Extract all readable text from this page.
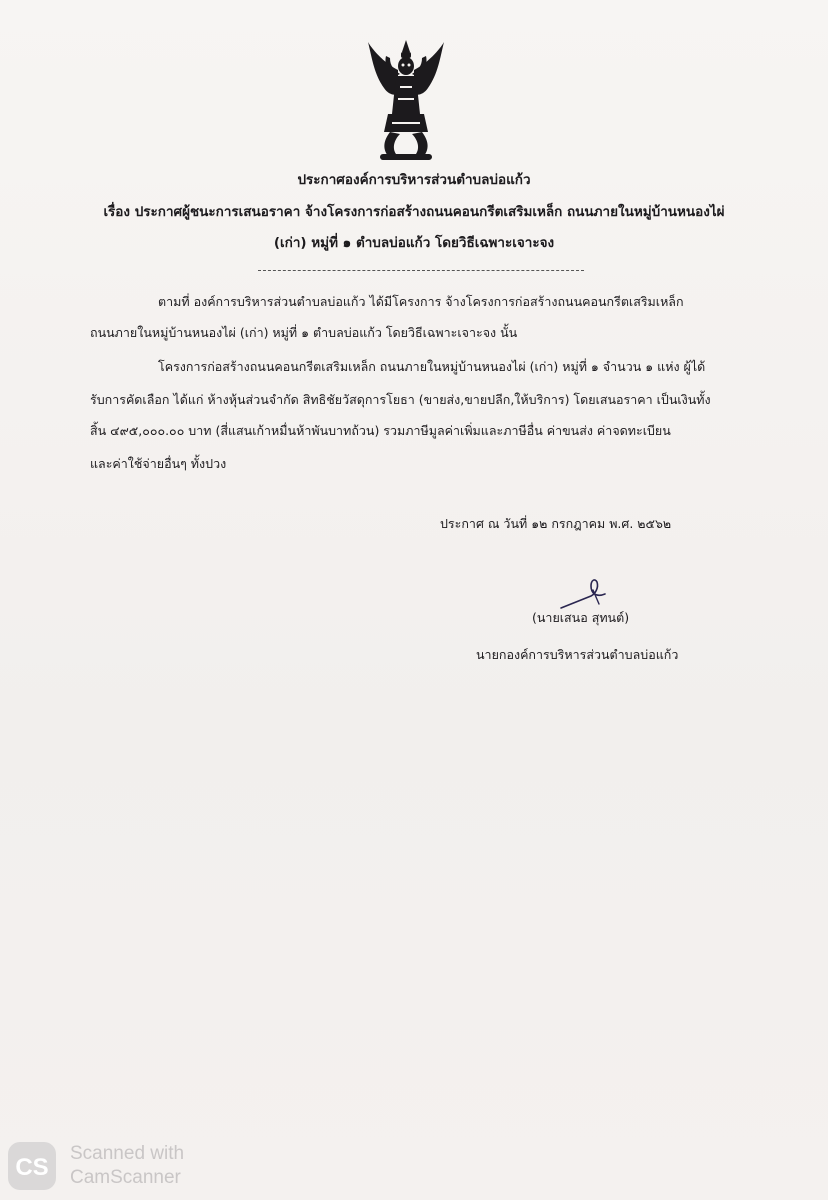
ประกาศองค์การบริหารส่วนตำบลบ่อแก้ว
เรื่อง ประกาศผู้ชนะการเสนอราคา จ้างโครงการก่อสร้างถนนคอนกรีตเสริมเหล็ก ถนนภายในหมู่บ้านหนองไผ่
(เก่า) หมู่ที่ ๑ ตำบลบ่อแก้ว โดยวิธีเฉพาะเจาะจง
ตามที่ องค์การบริหารส่วนตำบลบ่อแก้ว ได้มีโครงการ จ้างโครงการก่อสร้างถนนคอนกรีตเสริมเหล็ก
ถนนภายในหมู่บ้านหนองไผ่ (เก่า) หมู่ที่ ๑ ตำบลบ่อแก้ว โดยวิธีเฉพาะเจาะจง นั้น
โครงการก่อสร้างถนนคอนกรีตเสริมเหล็ก ถนนภายในหมู่บ้านหนองไผ่ (เก่า) หมู่ที่ ๑ จำนวน ๑ แห่ง ผู้ได้
รับการคัดเลือก ได้แก่ ห้างหุ้นส่วนจำกัด สิทธิชัยวัสดุการโยธา (ขายส่ง,ขายปลีก,ให้บริการ) โดยเสนอราคา เป็นเงินทั้ง
สิ้น ๔๙๕,๐๐๐.๐๐ บาท (สี่แสนเก้าหมื่นห้าพันบาทถ้วน) รวมภาษีมูลค่าเพิ่มและภาษีอื่น ค่าขนส่ง ค่าจดทะเบียน
และค่าใช้จ่ายอื่นๆ ทั้งปวง
ประกาศ ณ วันที่ ๑๒ กรกฎาคม พ.ศ. ๒๕๖๒
(นายเสนอ สุทนต์)
นายกองค์การบริหารส่วนตำบลบ่อแก้ว
CS
Scanned with
CamScanner
